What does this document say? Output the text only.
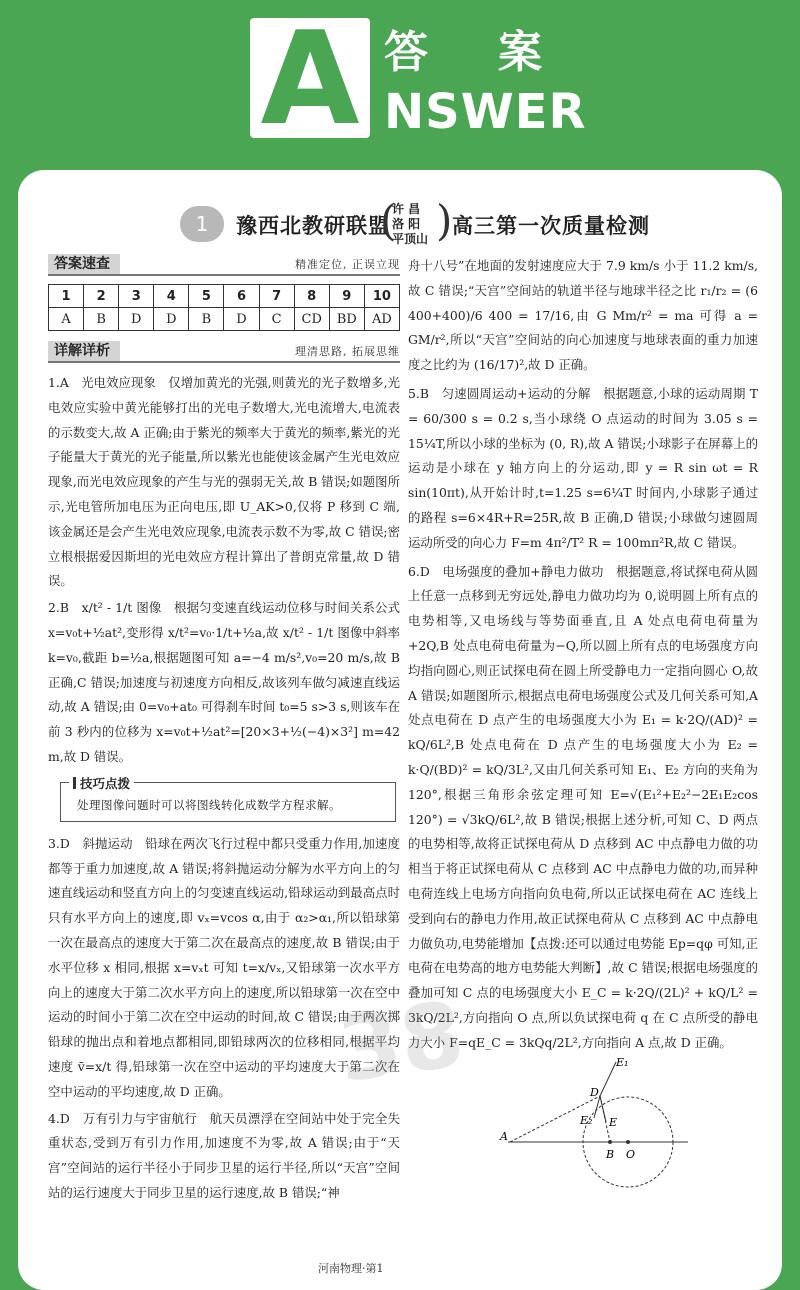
A 答 案
NSWER
1	豫西北教研联盟
(
许 昌
洛 阳
平顶山 ) 高三第一次质量检测
答案速查	精准定位, 正误立现
1	2	3	4	5	6	7	8	9	10
A	B	D	D	B	D	C	CD	BD	AD
详解详析	理清思路, 拓展思维

1.A　光电效应现象　仅增加黄光的光强,则黄光的光子数增多,光电效应实验中黄光能够打出的光电子数增大,光电流增大,电流表的示数变大,故 A 正确;由于紫光的频率大于黄光的频率,紫光的光子能量大于黄光的光子能量,所以紫光也能使该金属产生光电效应现象,而光电效应现象的产生与光的强弱无关,故 B 错误;如题图所示,光电管所加电压为正向电压,即 U_AK>0,仅将 P 移到 C 端,该金属还是会产生光电效应现象,电流表示数不为零,故 C 错误;密立根根据爱因斯坦的光电效应方程计算出了普朗克常量,故 D 错误。

2.B　x/t² - 1/t 图像　根据匀变速直线运动位移与时间关系公式 x=v₀t+½at²,变形得 x/t²=v₀·1/t+½a,故 x/t² - 1/t 图像中斜率 k=v₀,截距 b=½a,根据题图可知 a=−4 m/s²,v₀=20 m/s,故 B 正确,C 错误;加速度与初速度方向相反,故该列车做匀减速直线运动,故 A 错误;由 0=v₀+at₀ 可得刹车时间 t₀=5 s>3 s,则该车在前 3 秒内的位移为 x=v₀t+½at²=[20×3+½(−4)×3²] m=42 m,故 D 错误。

技巧点拨
处理图像问题时可以将图线转化成数学方程求解。

3.D　斜抛运动　铅球在两次飞行过程中都只受重力作用,加速度都等于重力加速度,故 A 错误;将斜抛运动分解为水平方向上的匀速直线运动和竖直方向上的匀变速直线运动,铅球运动到最高点时只有水平方向上的速度,即 vₓ=vcos α,由于 α₂>α₁,所以铅球第一次在最高点的速度大于第二次在最高点的速度,故 B 错误;由于水平位移 x 相同,根据 x=vₓt 可知 t=x/vₓ,又铅球第一次水平方向上的速度大于第二次水平方向上的速度,所以铅球第一次在空中运动的时间小于第二次在空中运动的时间,故 C 错误;由于两次掷铅球的抛出点和着地点都相同,即铅球两次的位移相同,根据平均速度 v̄=x/t 得,铅球第一次在空中运动的平均速度大于第二次在空中运动的平均速度,故 D 正确。

4.D　万有引力与宇宙航行　航天员漂浮在空间站中处于完全失重状态,受到万有引力作用,加速度不为零,故 A 错误;由于“天宫”空间站的运行半径小于同步卫星的运行半径,所以“天宫”空间站的运行速度大于同步卫星的运行速度,故 B 错误;“神

舟十八号”在地面的发射速度应大于 7.9 km/s 小于 11.2 km/s,故 C 错误;“天宫”空间站的轨道半径与地球半径之比 r₁/r₂ = (6 400+400)/6 400 = 17/16,由 G Mm/r² = ma 可得 a = GM/r²,所以“天宫”空间站的向心加速度与地球表面的重力加速度之比约为 (16/17)²,故 D 正确。

5.B　匀速圆周运动+运动的分解　根据题意,小球的运动周期 T = 60/300 s = 0.2 s,当小球绕 O 点运动的时间为 3.05 s = 15¼T,所以小球的坐标为 (0, R),故 A 错误;小球影子在屏幕上的运动是小球在 y 轴方向上的分运动,即 y = R sin ωt = R sin(10πt),从开始计时,t=1.25 s=6¼T 时间内,小球影子通过的路程 s=6×4R+R=25R,故 B 正确,D 错误;小球做匀速圆周运动所受的向心力 F=m 4π²/T² R = 100mπ²R,故 C 错误。

6.D　电场强度的叠加+静电力做功　根据题意,将试探电荷从圆上任意一点移到无穷远处,静电力做功均为 0,说明圆上所有点的电势相等,又电场线与等势面垂直,且 A 处点电荷电荷量为+2Q,B 处点电荷电荷量为−Q,所以圆上所有点的电场强度方向均指向圆心,则正试探电荷在圆上所受静电力一定指向圆心 O,故 A 错误;如题图所示,根据点电荷电场强度公式及几何关系可知,A 处点电荷在 D 点产生的电场强度大小为 E₁ = k·2Q/(AD)² = kQ/6L²,B 处点电荷在 D 点产生的电场强度大小为 E₂ = k·Q/(BD)² = kQ/3L²,又由几何关系可知 E₁、E₂ 方向的夹角为 120°,根据三角形余弦定理可知 E=√(E₁²+E₂²−2E₁E₂cos 120°) = √3kQ/6L²,故 B 错误;根据上述分析,可知 C、D 两点的电势相等,故将正试探电荷从 D 点移到 AC 中点静电力做的功相当于将正试探电荷从 C 点移到 AC 中点静电力做的功,而异种电荷连线上电场方向指向负电荷,所以正试探电荷在 AC 连线上受到向右的静电力作用,故正试探电荷从 C 点移到 AC 中点静电力做负功,电势能增加【点拨:还可以通过电势能 Ep=qφ 可知,正电荷在电势高的地方电势能大判断】,故 C 错误;根据电场强度的叠加可知 C 点的电场强度大小 E_C = k·2Q/(2L)² + kQ/L² = 3kQ/2L²,方向指向 O 点,所以负试探电荷 q 在 C 点所受的静电力大小 F=qE_C = 3kQq/2L²,方向指向 A 点,故 D 正确。

A
B O
D
E
E₁
E₂
38
河南物理·第1
